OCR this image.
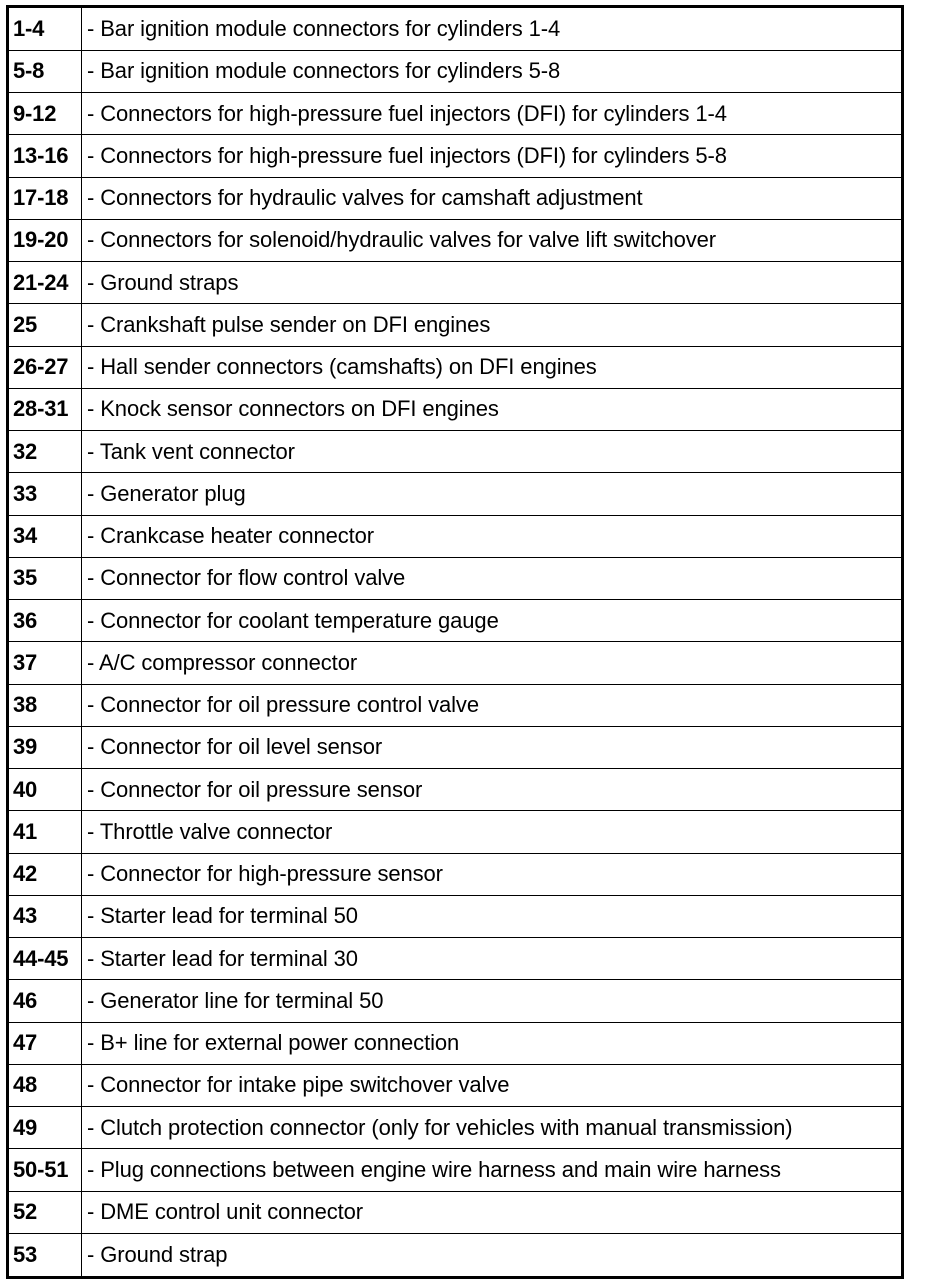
1-4	- Bar ignition module connectors for cylinders 1-4
5-8	- Bar ignition module connectors for cylinders 5-8
9-12	- Connectors for high-pressure fuel injectors (DFI) for cylinders 1-4
13-16	- Connectors for high-pressure fuel injectors (DFI) for cylinders 5-8
17-18	- Connectors for hydraulic valves for camshaft adjustment
19-20	- Connectors for solenoid/hydraulic valves for valve lift switchover
21-24	- Ground straps
25	- Crankshaft pulse sender on DFI engines
26-27	- Hall sender connectors (camshafts) on DFI engines
28-31	- Knock sensor connectors on DFI engines
32	- Tank vent connector
33	- Generator plug
34	- Crankcase heater connector
35	- Connector for flow control valve
36	- Connector for coolant temperature gauge
37	- A/C compressor connector
38	- Connector for oil pressure control valve
39	- Connector for oil level sensor
40	- Connector for oil pressure sensor
41	- Throttle valve connector
42	- Connector for high-pressure sensor
43	- Starter lead for terminal 50
44-45	- Starter lead for terminal 30
46	- Generator line for terminal 50
47	- B+ line for external power connection
48	- Connector for intake pipe switchover valve
49	- Clutch protection connector (only for vehicles with manual transmission)
50-51	- Plug connections between engine wire harness and main wire harness
52	- DME control unit connector
53	- Ground strap
